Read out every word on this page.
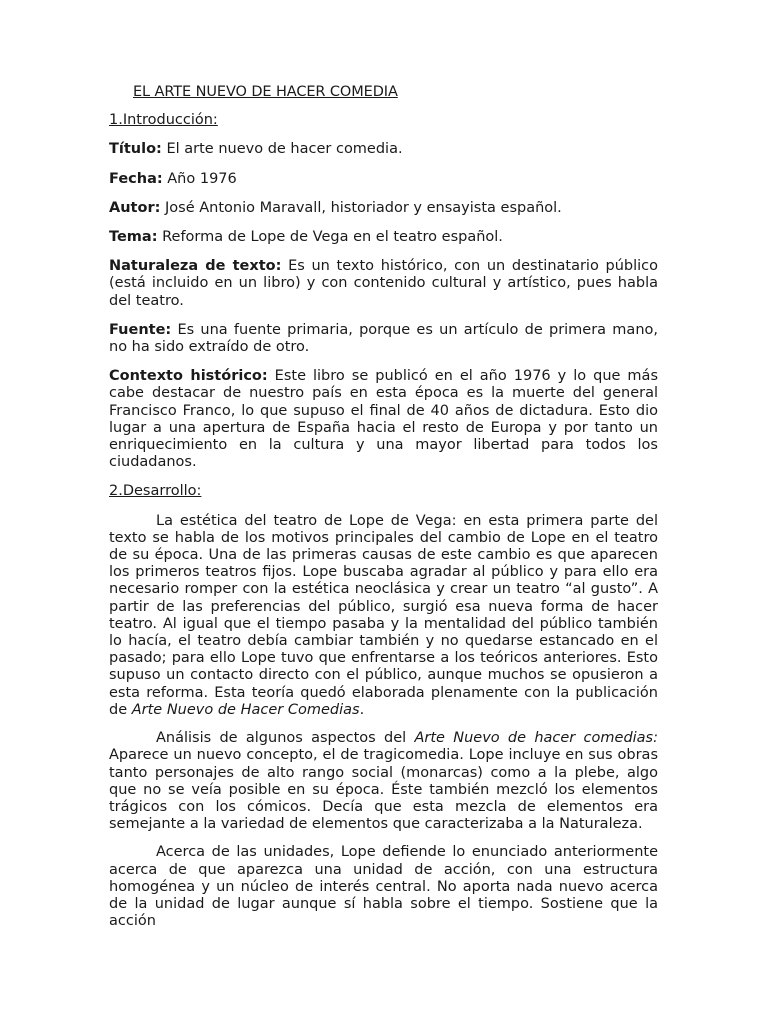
EL ARTE NUEVO DE HACER COMEDIA
1.Introducción:

Título: El arte nuevo de hacer comedia.

Fecha: Año 1976

Autor: José Antonio Maravall, historiador y ensayista español.

Tema: Reforma de Lope de Vega en el teatro español.

Naturaleza de texto: Es un texto histórico, con un destinatario público (está incluido en un libro) y con contenido cultural y artístico, pues habla del teatro.

Fuente: Es una fuente primaria, porque es un artículo de primera mano, no ha sido extraído de otro.

Contexto histórico: Este libro se publicó en el año 1976 y lo que más cabe destacar de nuestro país en esta época es la muerte del general Francisco Franco, lo que supuso el final de 40 años de dictadura. Esto dio lugar a una apertura de España hacia el resto de Europa y por tanto un enriquecimiento en la cultura y una mayor libertad para todos los ciudadanos.

2.Desarrollo:

La estética del teatro de Lope de Vega: en esta primera parte del texto se habla de los motivos principales del cambio de Lope en el teatro de su época. Una de las primeras causas de este cambio es que aparecen los primeros teatros fijos. Lope buscaba agradar al público y para ello era necesario romper con la estética neoclásica y crear un teatro “al gusto”. A partir de las preferencias del público, surgió esa nueva forma de hacer teatro. Al igual que el tiempo pasaba y la mentalidad del público también lo hacía, el teatro debía cambiar también y no quedarse estancado en el pasado; para ello Lope tuvo que enfrentarse a los teóricos anteriores. Esto supuso un contacto directo con el público, aunque muchos se opusieron a esta reforma. Esta teoría quedó elaborada plenamente con la publicación de Arte Nuevo de Hacer Comedias.

Análisis de algunos aspectos del Arte Nuevo de hacer comedias: Aparece un nuevo concepto, el de tragicomedia. Lope incluye en sus obras tanto personajes de alto rango social (monarcas) como a la plebe, algo que no se veía posible en su época. Éste también mezcló los elementos trágicos con los cómicos. Decía que esta mezcla de elementos era semejante a la variedad de elementos que caracterizaba a la Naturaleza.

Acerca de las unidades, Lope defiende lo enunciado anteriormente acerca de que aparezca una unidad de acción, con una estructura homogénea y un núcleo de interés central. No aporta nada nuevo acerca de la unidad de lugar aunque sí habla sobre el tiempo. Sostiene que la acción
